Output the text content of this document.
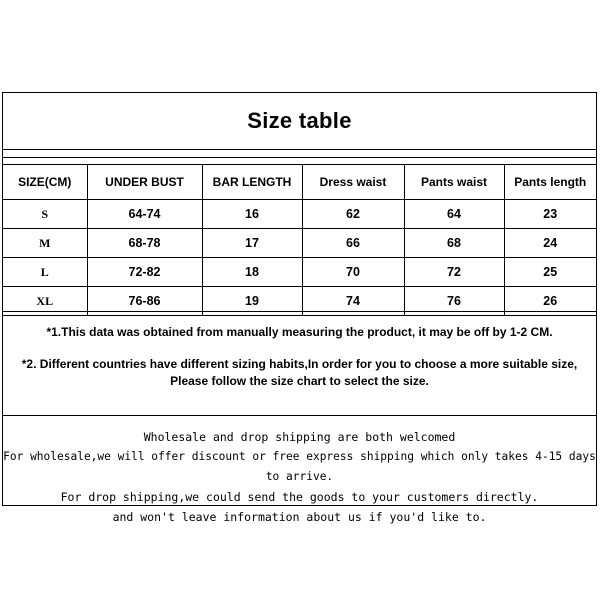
Size table

SIZE(CM)	UNDER BUST	BAR LENGTH	Dress waist	Pants waist	Pants length
S	64-74	16	62	64	23
M	68-78	17	66	68	24
L	72-82	18	70	72	25
XL	76-86	19	74	76	26

*1.This data was obtained from manually measuring the product, it may be off by 1-2 CM.

*2. Different countries have different sizing habits,In order for you to choose a more suitable size,

Please follow the size chart to select the size.

Wholesale and drop shipping are both welcomed

For wholesale,we will offer discount or free express shipping which only takes 4-15 days to arrive.

For drop shipping,we could send the goods to your customers directly.

and won't leave information about us if you'd like to.
